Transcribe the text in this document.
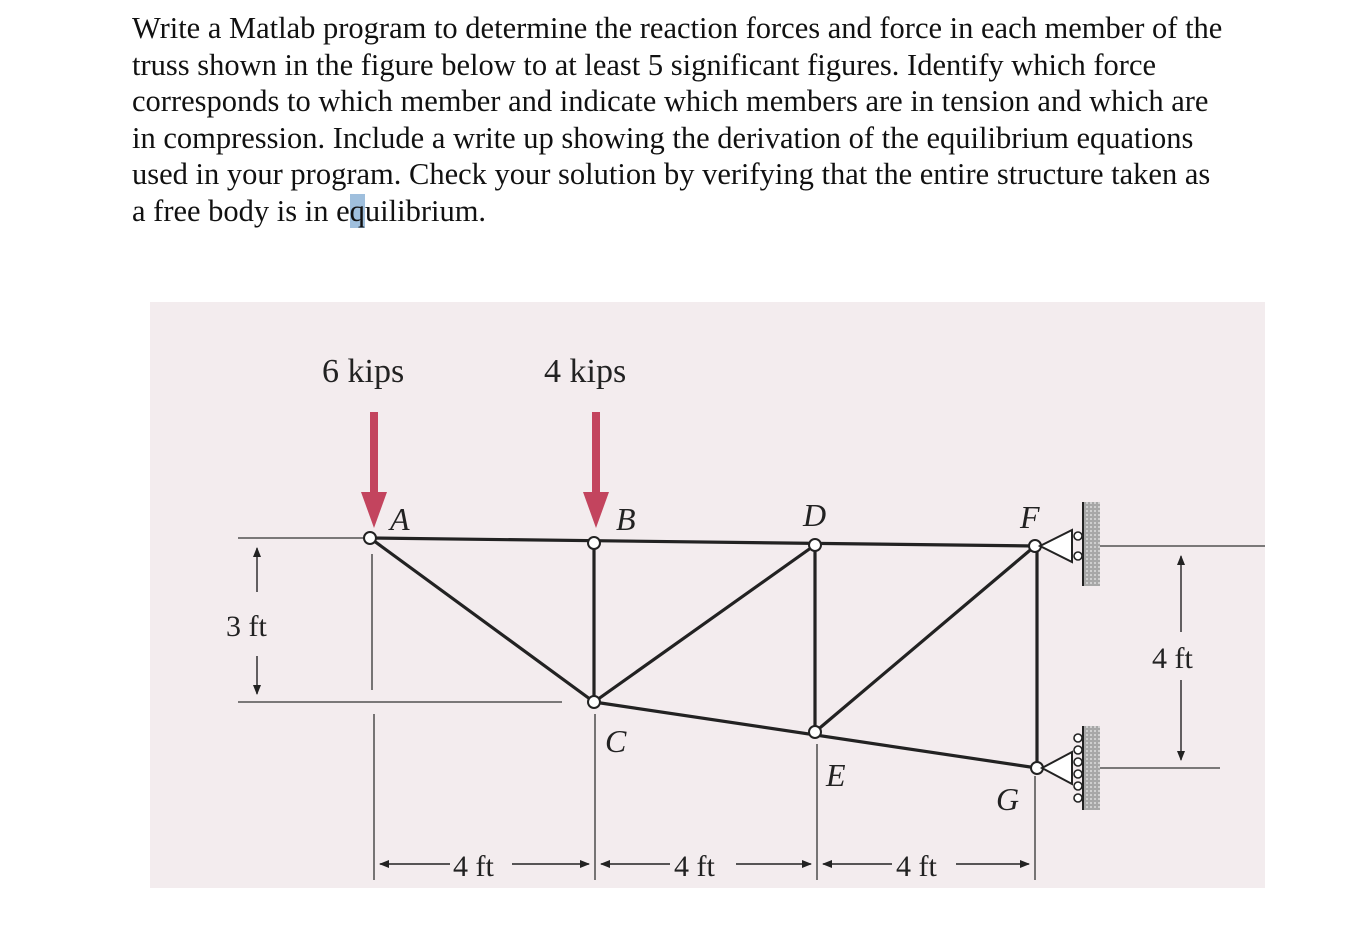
Write a Matlab program to determine the reaction forces and force in each member of the
truss shown in the figure below to at least 5 significant figures. Identify which force
corresponds to which member and indicate which members are in tension and which are
in compression. Include a write up showing the derivation of the equilibrium equations
used in your program. Check your solution by verifying that the entire structure taken as
a free body is in equilibrium.
6 kips	4 kips
A	B
C
D
E
F
G
3 ft
4 ft
4 ft	4 ft	4 ft
